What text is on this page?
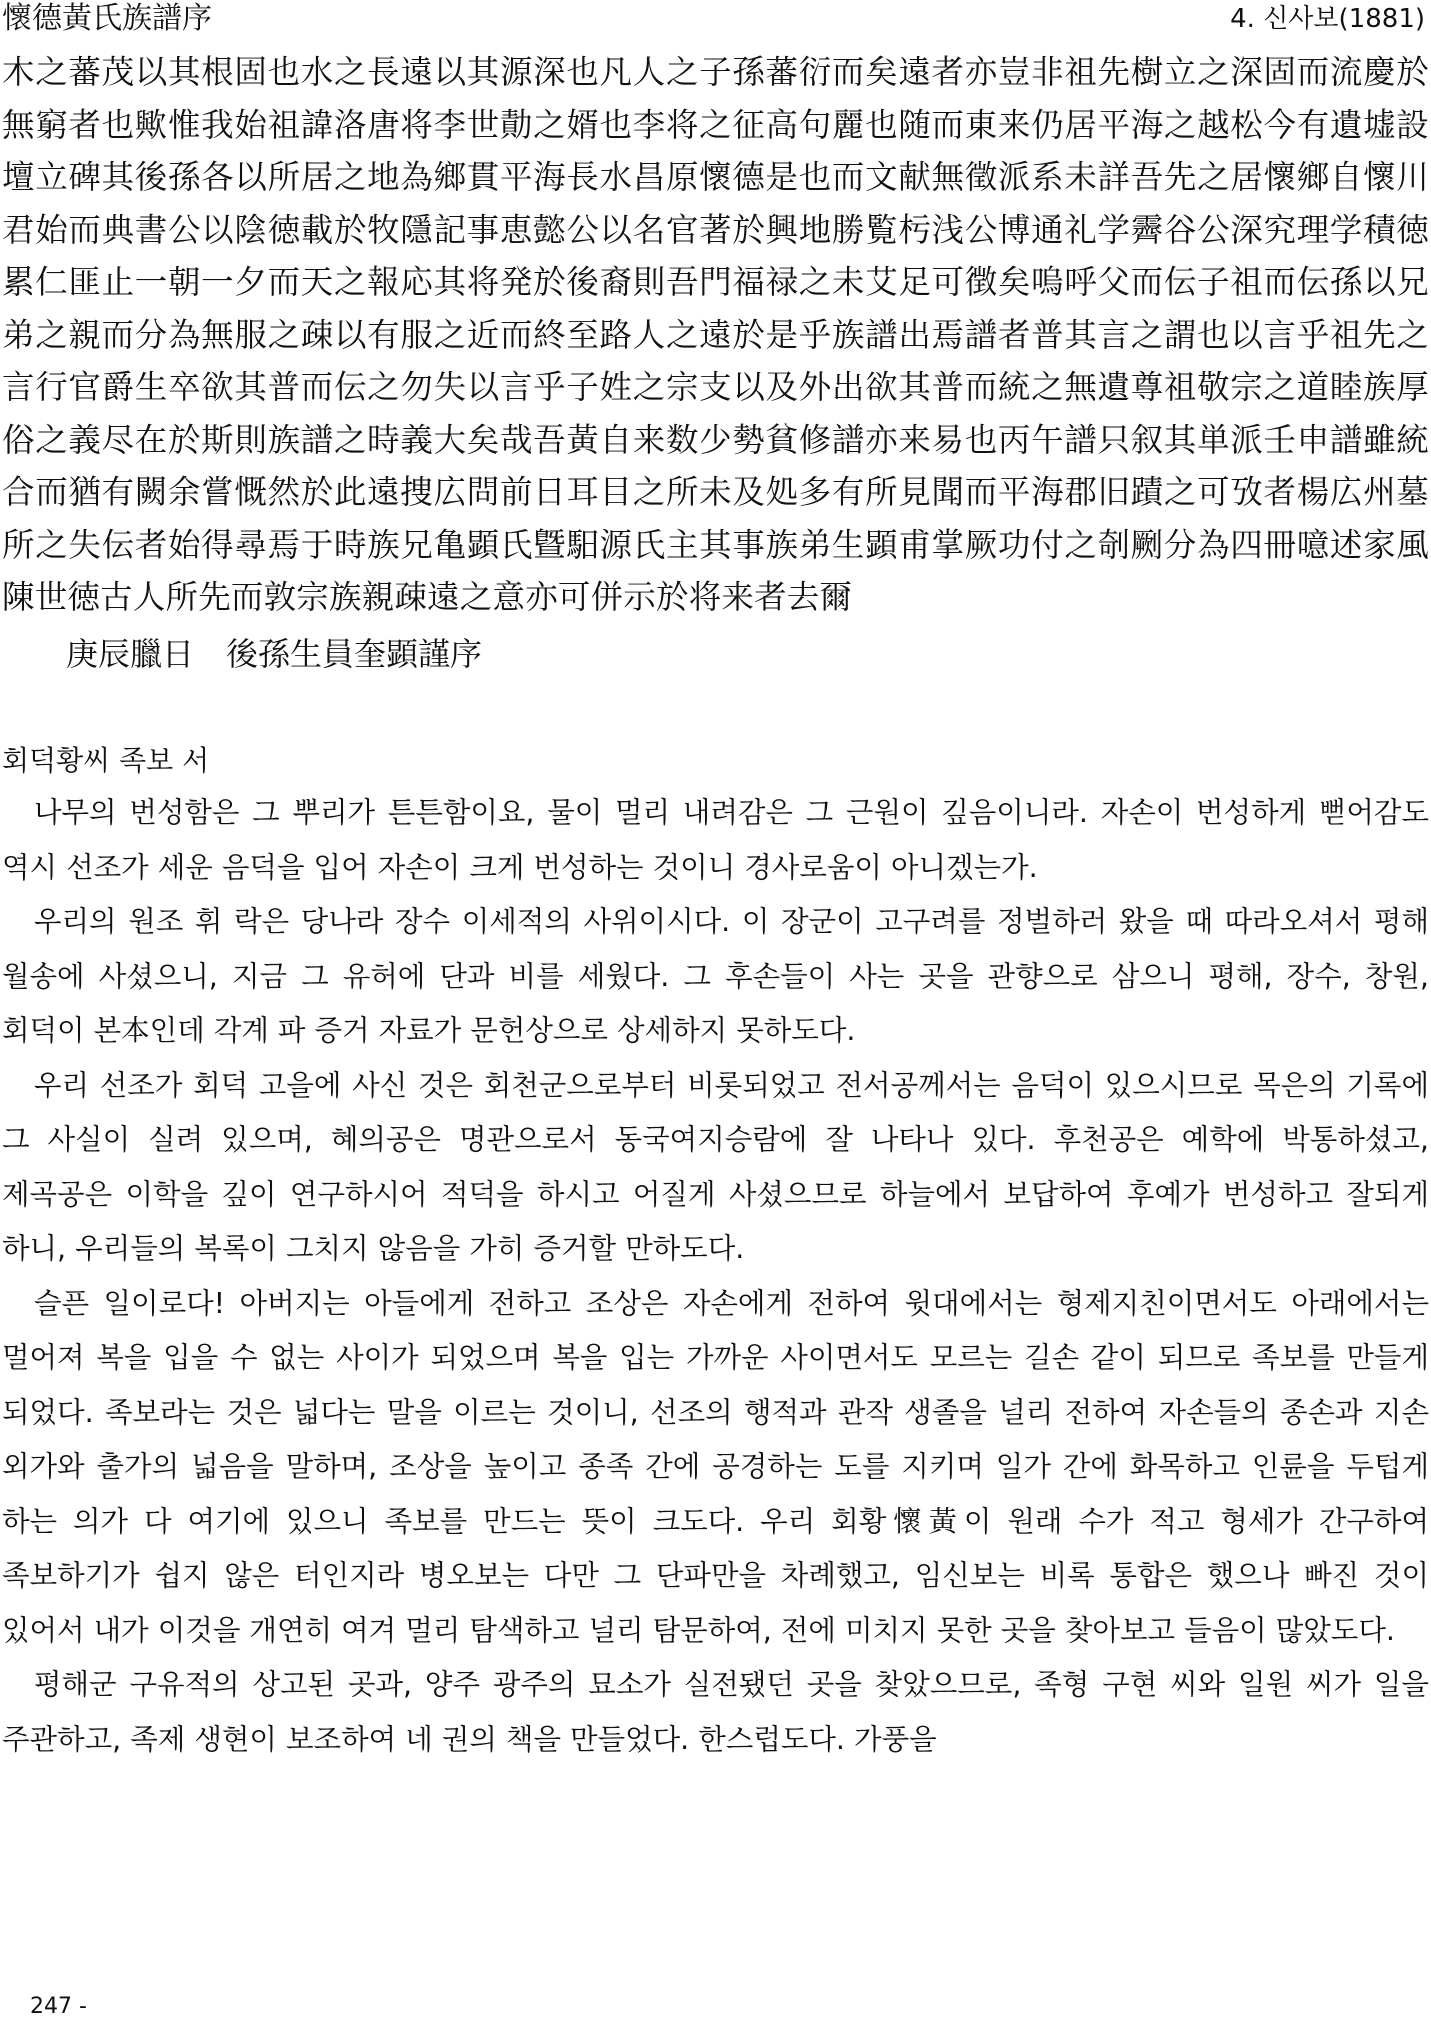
懷德黃氏族譜序	4. 신사보(1881)
木之蕃茂以其根固也水之長遠以其源深也凡人之子孫蕃衍而矣遠者亦豈非祖先樹立之深固而流慶於無窮者也歟惟我始祖諱洛唐将李世勣之婿也李将之征高句麗也随而東来仍居平海之越松今有遺墟設壇立碑其後孫各以所居之地為鄉貫平海長水昌原懷德是也而文献無徵派系未詳吾先之居懷鄉自懷川君始而典書公以陰徳載於牧隱記事恵懿公以名官著於興地勝覧杇浅公博通礼学霽谷公深究理学積徳累仁匪止一朝一夕而天之報応其将発於後裔則吾門福禄之未艾足可徴矣嗚呼父而伝子祖而伝孫以兄弟之親而分為無服之疎以有服之近而終至路人之遠於是乎族譜出焉譜者普其言之謂也以言乎祖先之言行官爵生卒欲其普而伝之勿失以言乎子姓之宗支以及外出欲其普而統之無遺尊祖敬宗之道睦族厚俗之義尽在於斯則族譜之時義大矣哉吾黃自来数少勢貧修譜亦来易也丙午譜只叙其単派壬申譜雖統合而猶有闕余嘗慨然於此遠捜広問前日耳目之所未及処多有所見聞而平海郡旧蹟之可攷者楊広州墓所之失伝者始得尋焉于時族兄亀顕氏曁馹源氏主其事族弟生顕甫掌厥功付之剞劂分為四冊噫述家風陳世徳古人所先而敦宗族親疎遠之意亦可併示於将来者去爾
庚辰臘日　後孫生員奎顕謹序
회덕황씨 족보 서

나무의 번성함은 그 뿌리가 튼튼함이요, 물이 멀리 내려감은 그 근원이 깊음이니라. 자손이 번성하게 뻗어감도 역시 선조가 세운 음덕을 입어 자손이 크게 번성하는 것이니 경사로움이 아니겠는가.

우리의 원조 휘 락은 당나라 장수 이세적의 사위이시다. 이 장군이 고구려를 정벌하러 왔을 때 따라오셔서 평해 월송에 사셨으니, 지금 그 유허에 단과 비를 세웠다. 그 후손들이 사는 곳을 관향으로 삼으니 평해, 장수, 창원, 회덕이 본本인데 각계 파 증거 자료가 문헌상으로 상세하지 못하도다.

우리 선조가 회덕 고을에 사신 것은 회천군으로부터 비롯되었고 전서공께서는 음덕이 있으시므로 목은의 기록에 그 사실이 실려 있으며, 혜의공은 명관으로서 동국여지승람에 잘 나타나 있다. 후천공은 예학에 박통하셨고, 제곡공은 이학을 깊이 연구하시어 적덕을 하시고 어질게 사셨으므로 하늘에서 보답하여 후예가 번성하고 잘되게 하니, 우리들의 복록이 그치지 않음을 가히 증거할 만하도다.

슬픈 일이로다! 아버지는 아들에게 전하고 조상은 자손에게 전하여 윗대에서는 형제지친이면서도 아래에서는 멀어져 복을 입을 수 없는 사이가 되었으며 복을 입는 가까운 사이면서도 모르는 길손 같이 되므로 족보를 만들게 되었다. 족보라는 것은 넓다는 말을 이르는 것이니, 선조의 행적과 관작 생졸을 널리 전하여 자손들의 종손과 지손 외가와 출가의 넓음을 말하며, 조상을 높이고 종족 간에 공경하는 도를 지키며 일가 간에 화목하고 인륜을 두텁게 하는 의가 다 여기에 있으니 족보를 만드는 뜻이 크도다. 우리 회황懷黃이 원래 수가 적고 형세가 간구하여 족보하기가 쉽지 않은 터인지라 병오보는 다만 그 단파만을 차례했고, 임신보는 비록 통합은 했으나 빠진 것이 있어서 내가 이것을 개연히 여겨 멀리 탐색하고 널리 탐문하여, 전에 미치지 못한 곳을 찾아보고 들음이 많았도다.

평해군 구유적의 상고된 곳과, 양주 광주의 묘소가 실전됐던 곳을 찾았으므로, 족형 구현 씨와 일원 씨가 일을 주관하고, 족제 생현이 보조하여 네 권의 책을 만들었다. 한스럽도다. 가풍을

247 -
